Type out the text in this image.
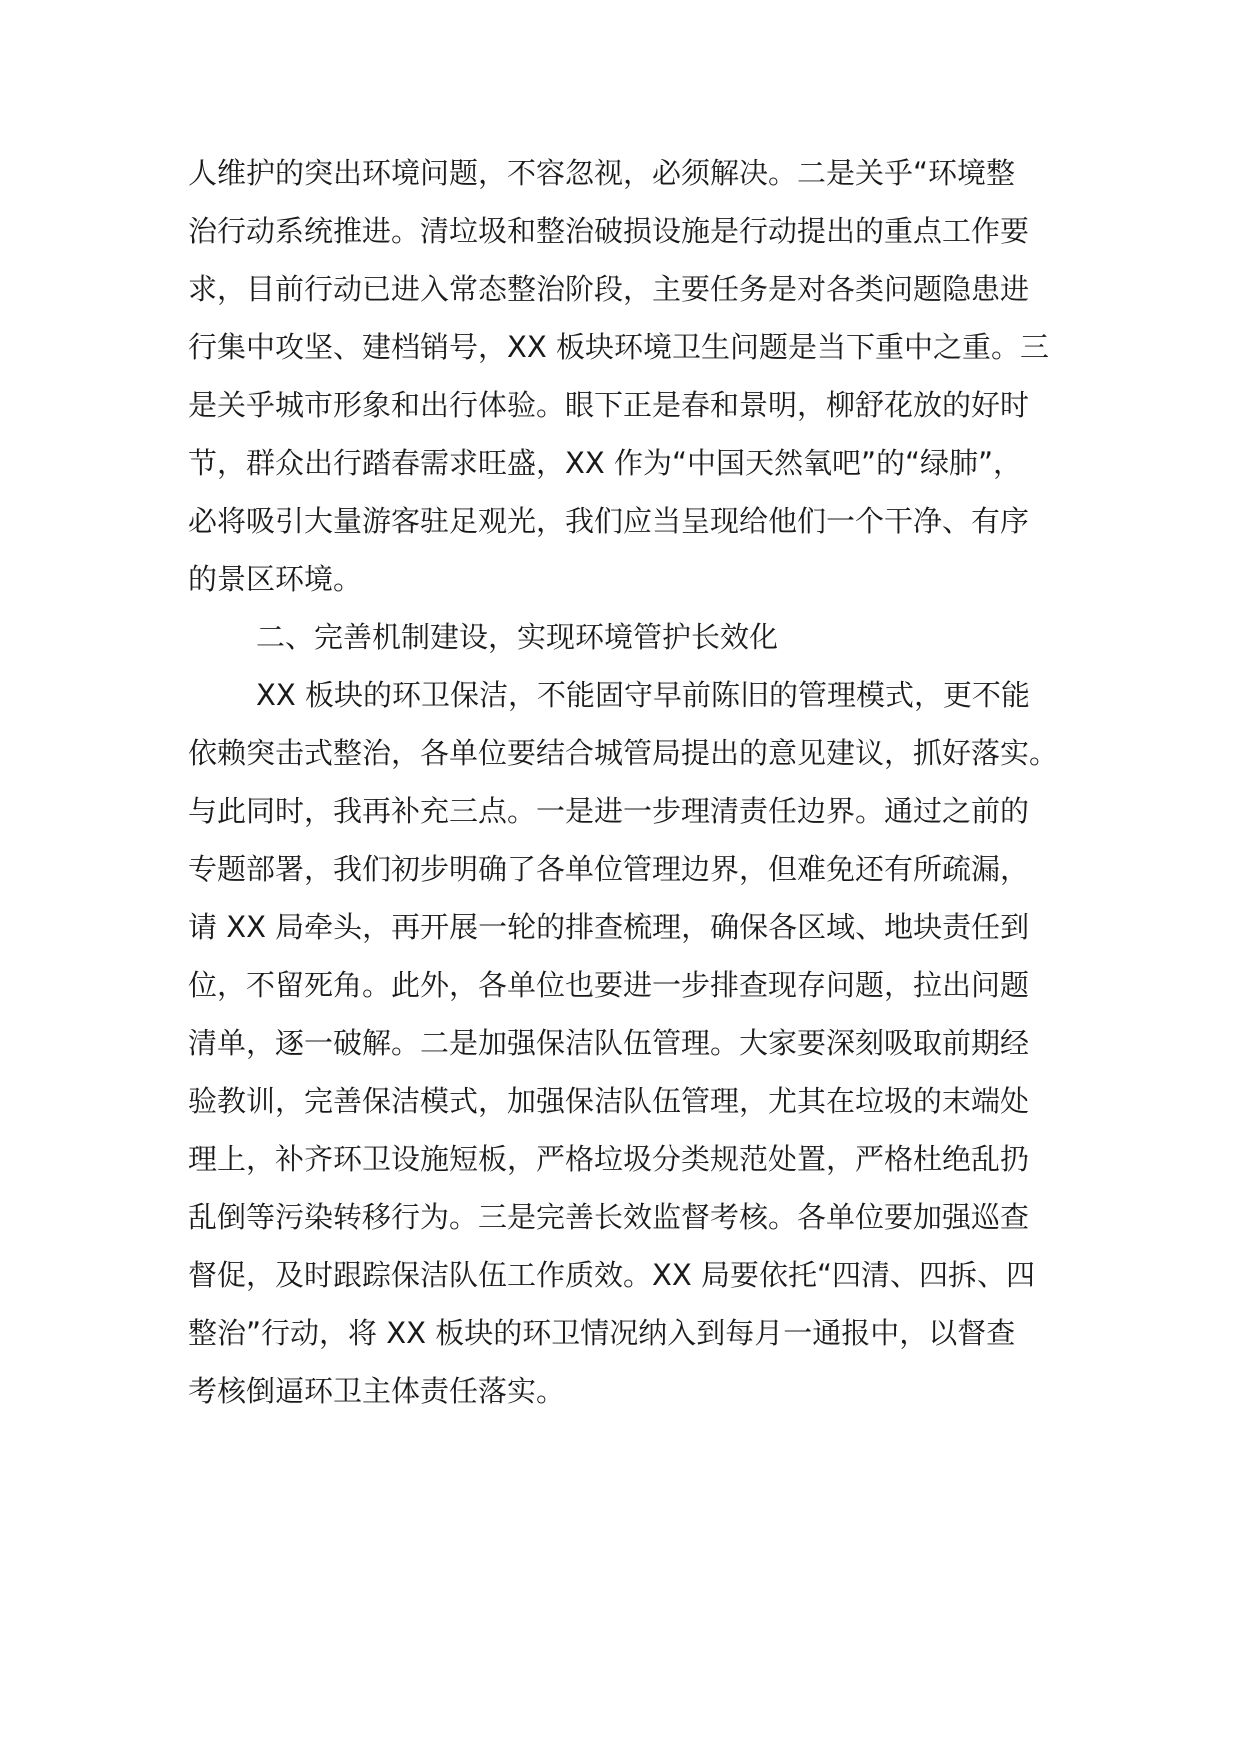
人维护的突出环境问题，不容忽视，必须解决。二是关乎“环境整
治行动系统推进。清垃圾和整治破损设施是行动提出的重点工作要
求，目前行动已进入常态整治阶段，主要任务是对各类问题隐患进
行集中攻坚、建档销号，XX 板块环境卫生问题是当下重中之重。三
是关乎城市形象和出行体验。眼下正是春和景明，柳舒花放的好时
节，群众出行踏春需求旺盛，XX 作为“中国天然氧吧”的“绿肺”，
必将吸引大量游客驻足观光，我们应当呈现给他们一个干净、有序
的景区环境。
二、完善机制建设，实现环境管护长效化
XX 板块的环卫保洁，不能固守早前陈旧的管理模式，更不能
依赖突击式整治，各单位要结合城管局提出的意见建议，抓好落实。
与此同时，我再补充三点。一是进一步理清责任边界。通过之前的
专题部署，我们初步明确了各单位管理边界，但难免还有所疏漏，
请 XX 局牵头，再开展一轮的排查梳理，确保各区域、地块责任到
位，不留死角。此外，各单位也要进一步排查现存问题，拉出问题
清单，逐一破解。二是加强保洁队伍管理。大家要深刻吸取前期经
验教训，完善保洁模式，加强保洁队伍管理，尤其在垃圾的末端处
理上，补齐环卫设施短板，严格垃圾分类规范处置，严格杜绝乱扔
乱倒等污染转移行为。三是完善长效监督考核。各单位要加强巡查
督促，及时跟踪保洁队伍工作质效。XX 局要依托“四清、四拆、四
整治”行动，将 XX 板块的环卫情况纳入到每月一通报中，以督查
考核倒逼环卫主体责任落实。
